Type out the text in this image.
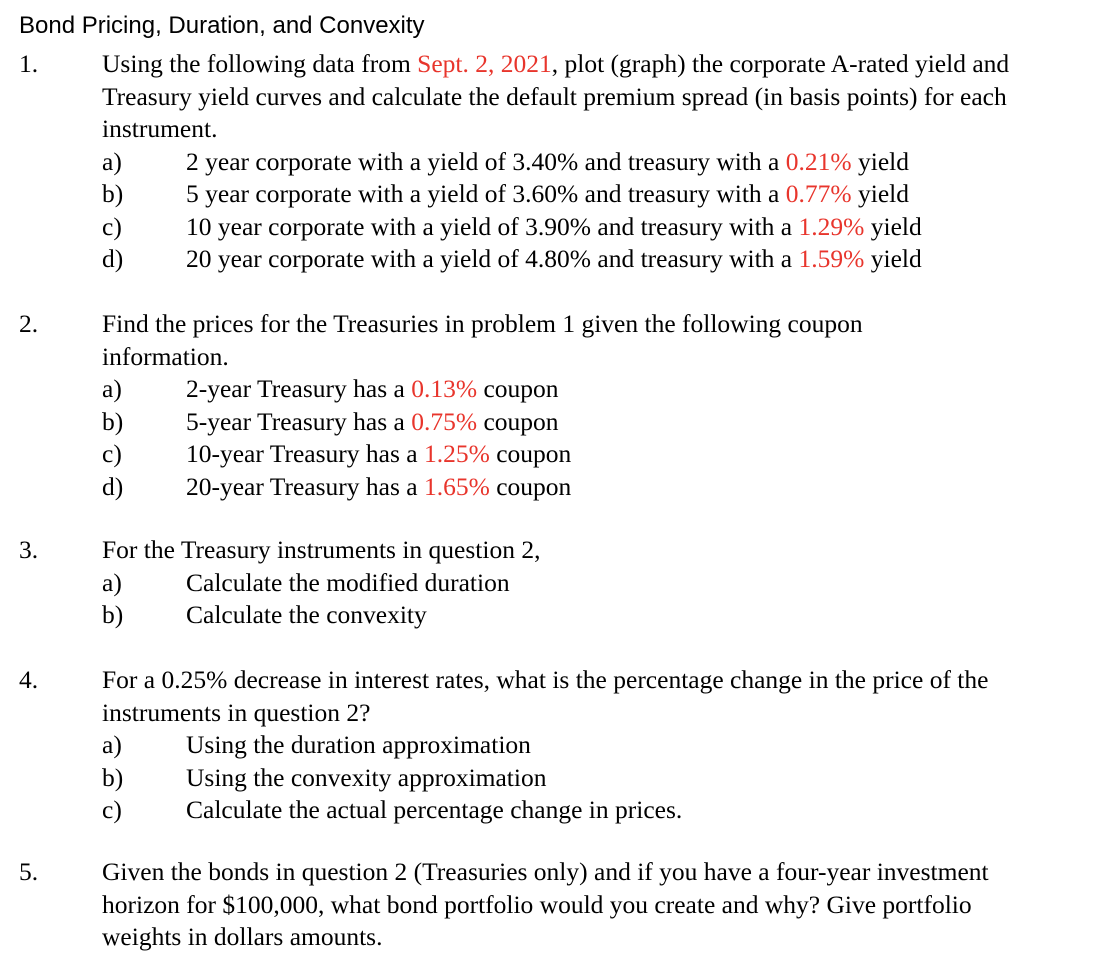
Bond Pricing, Duration, and Convexity
1.	Using the following data from Sept. 2, 2021, plot (graph) the corporate A-rated yield and Treasury yield curves and calculate the default premium spread (in basis points) for each instrument.
a)	2 year corporate with a yield of 3.40% and treasury with a 0.21% yield
b) 5 year corporate with a yield of 3.60% and treasury with a 0.77% yield
c)	10 year corporate with a yield of 3.90% and treasury with a 1.29% yield
d) 20 year corporate with a yield of 4.80% and treasury with a 1.59% yield
2.	Find the prices for the Treasuries in problem 1 given the following coupon information.
a)	2-year Treasury has a 0.13% coupon
b) 5-year Treasury has a 0.75% coupon
c)	10-year Treasury has a 1.25% coupon
d) 20-year Treasury has a 1.65% coupon
3.	For the Treasury instruments in question 2,
a)	Calculate the modified duration
b) Calculate the convexity
4.	For a 0.25% decrease in interest rates, what is the percentage change in the price of the instruments in question 2?
a)	Using the duration approximation
b) Using the convexity approximation
c)	Calculate the actual percentage change in prices.
5.	Given the bonds in question 2 (Treasuries only) and if you have a four-year investment horizon for $100,000, what bond portfolio would you create and why? Give portfolio weights in dollars amounts.
